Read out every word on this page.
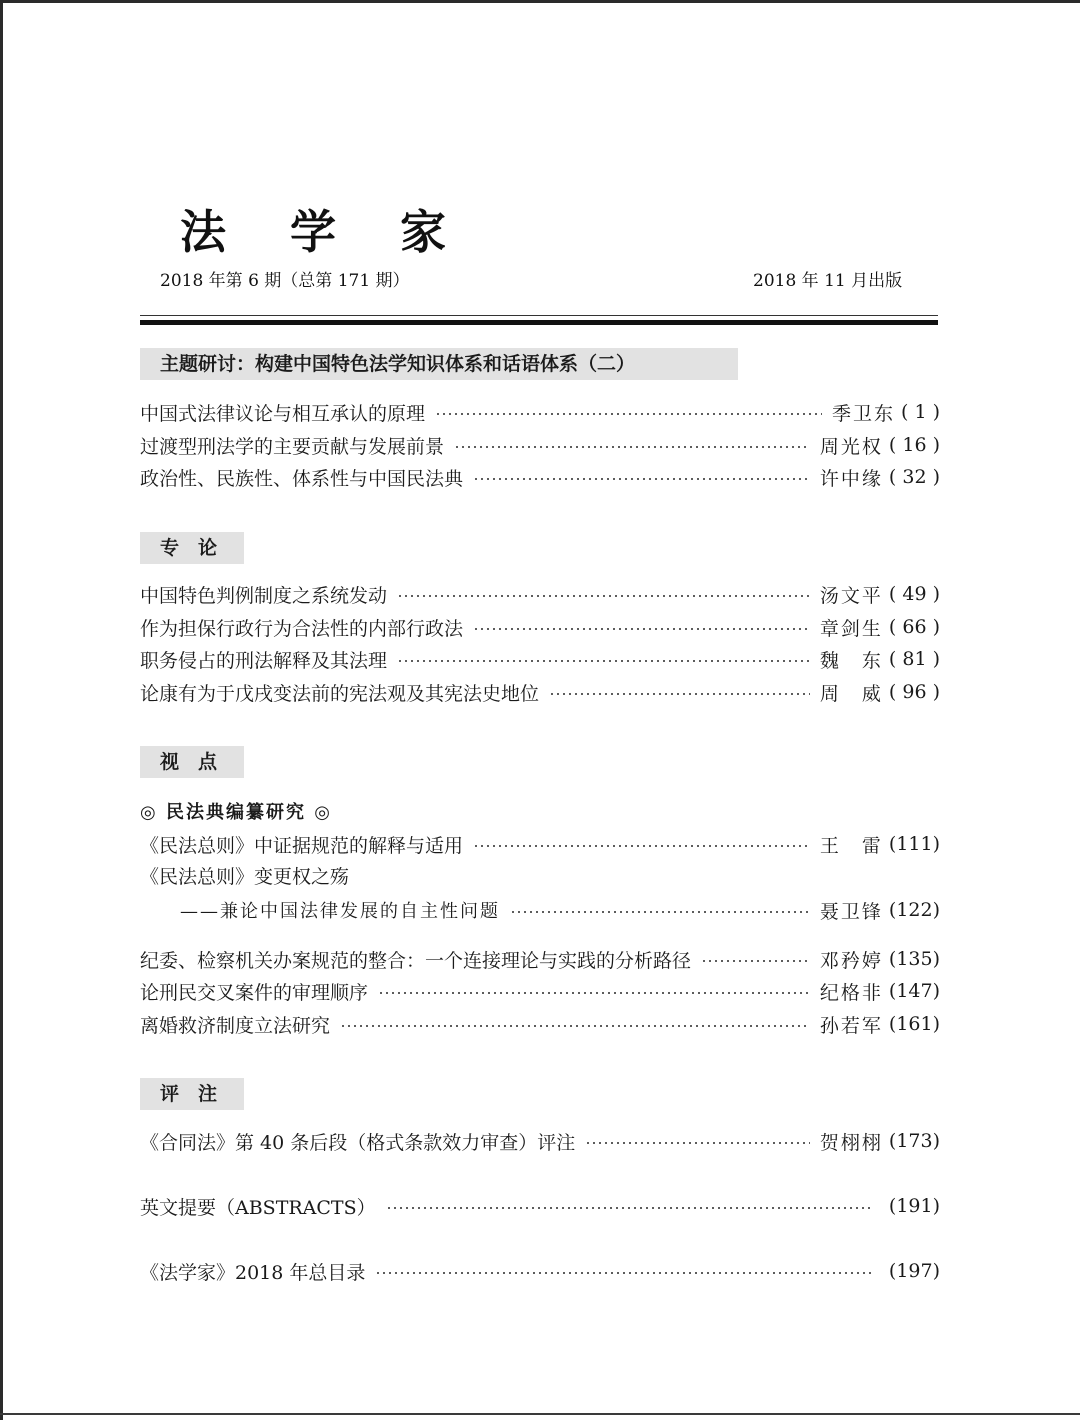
法 学 家
2018 年第 6 期（总第 171 期）	2018 年 11 月出版
主题研讨：构建中国特色法学知识体系和话语体系（二）
中国式法律议论与相互承认的原理	季卫东 ( 1 )
过渡型刑法学的主要贡献与发展前景	周光权 ( 16 )
政治性、民族性、体系性与中国民法典	许中缘 ( 32 )
专　论
中国特色判例制度之系统发动	汤文平 ( 49 )
作为担保行政行为合法性的内部行政法	章剑生 ( 66 )
职务侵占的刑法解释及其法理	魏　东 ( 81 )
论康有为于戊戌变法前的宪法观及其宪法史地位	周　威 ( 96 )
视　点
◎ 民法典编纂研究 ◎
《民法总则》中证据规范的解释与适用	王　雷 (111)
《民法总则》变更权之殇
——兼论中国法律发展的自主性问题	聂卫锋 (122)
纪委、检察机关办案规范的整合：一个连接理论与实践的分析路径	邓矜婷 (135)
论刑民交叉案件的审理顺序	纪格非 (147)
离婚救济制度立法研究	孙若军 (161)
评　注
《合同法》第 40 条后段（格式条款效力审查）评注	贺栩栩 (173)
英文提要（ABSTRACTS）	(191)
《法学家》2018 年总目录	(197)
